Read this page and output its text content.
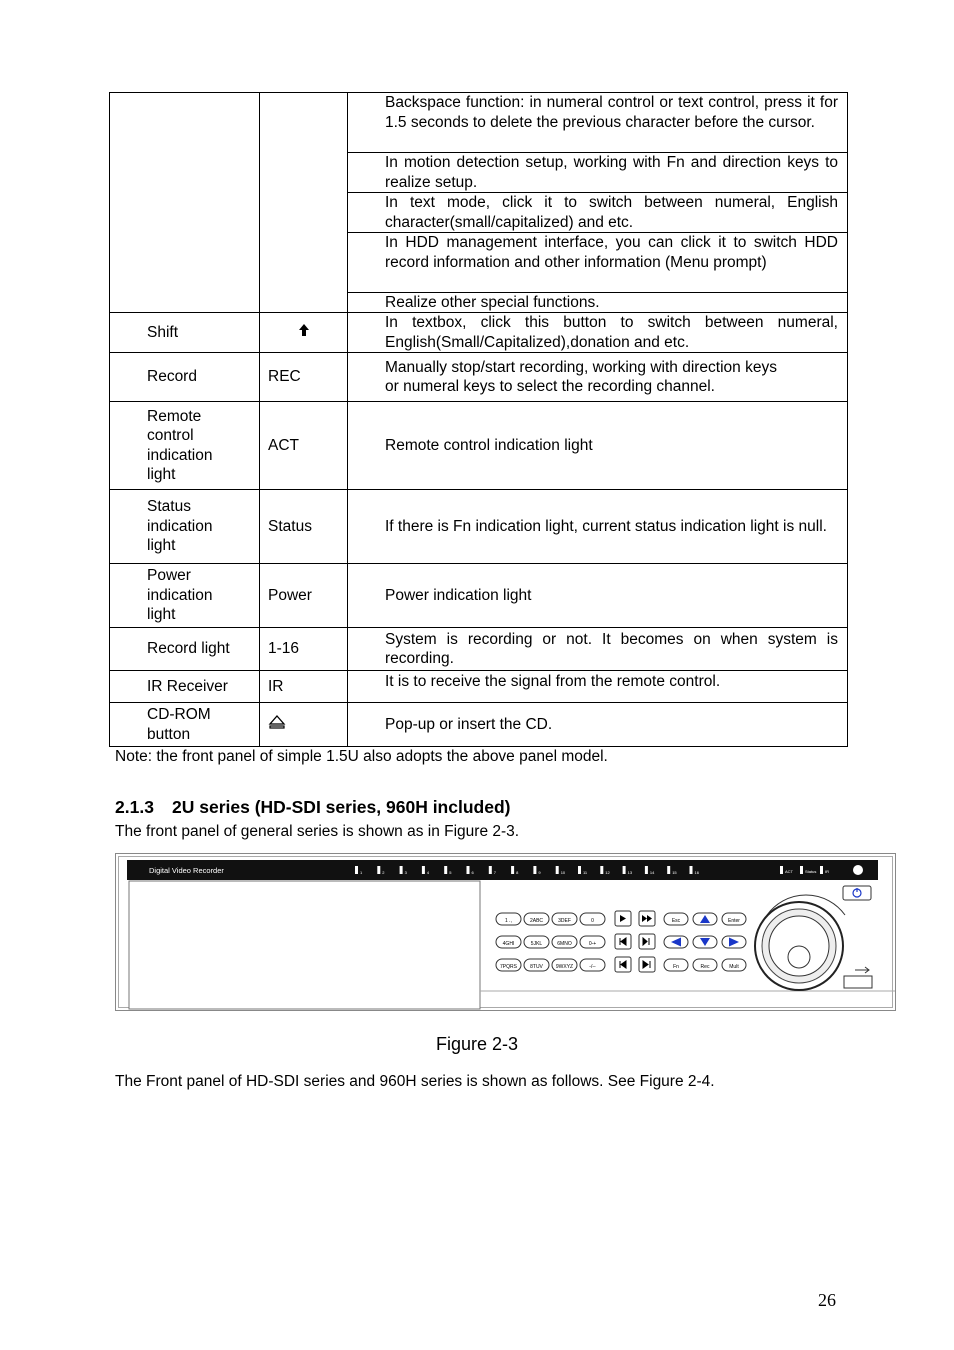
		Backspace function: in numeral control or text control, press it for 1.5 seconds to delete the previous character before the cursor.
In motion detection setup, working with Fn and direction keys to realize setup.
In text mode, click it to switch between numeral, English character(small/capitalized) and etc.
In HDD management interface, you can click it to switch HDD record information and other information (Menu prompt)
Realize other special functions.

Shift		In textbox, click this button to switch between numeral, English(Small/Capitalized),donation and etc.

Record	REC	Manually stop/start recording, working with direction keys
or numeral keys to select the recording channel.

Remote
control
indication
light	ACT	Remote control indication light

Status
indication
light	Status	If there is Fn indication light, current status indication light is null.

Power
indication
light	Power	Power indication light

Record light	1-16	System is recording or not. It becomes on when system is recording.

IR Receiver	IR	It is to receive the signal from the remote control.

CD-ROM
button		Pop-up or insert the CD.
Note: the front panel of simple 1.5U also adopts the above panel model.
2.1.3 2U series (HD-SDI series, 960H included)
The front panel of general series is shown as in Figure 2-3.
Digital Video Recorder	1	2	3	4	5	6	7	8	9	10	11	12	13	14	15	16	ACT	Status IR
1 .,	2ABC	3DEF	0
4GHI	5JKL	6MNO	0-+
7PQRS	8TUV	9WXYZ	-/--
Esc	Enter
Fn	Rec	Mult
Figure 2-3
The Front panel of HD-SDI series and 960H series is shown as follows. See Figure 2-4.
26
